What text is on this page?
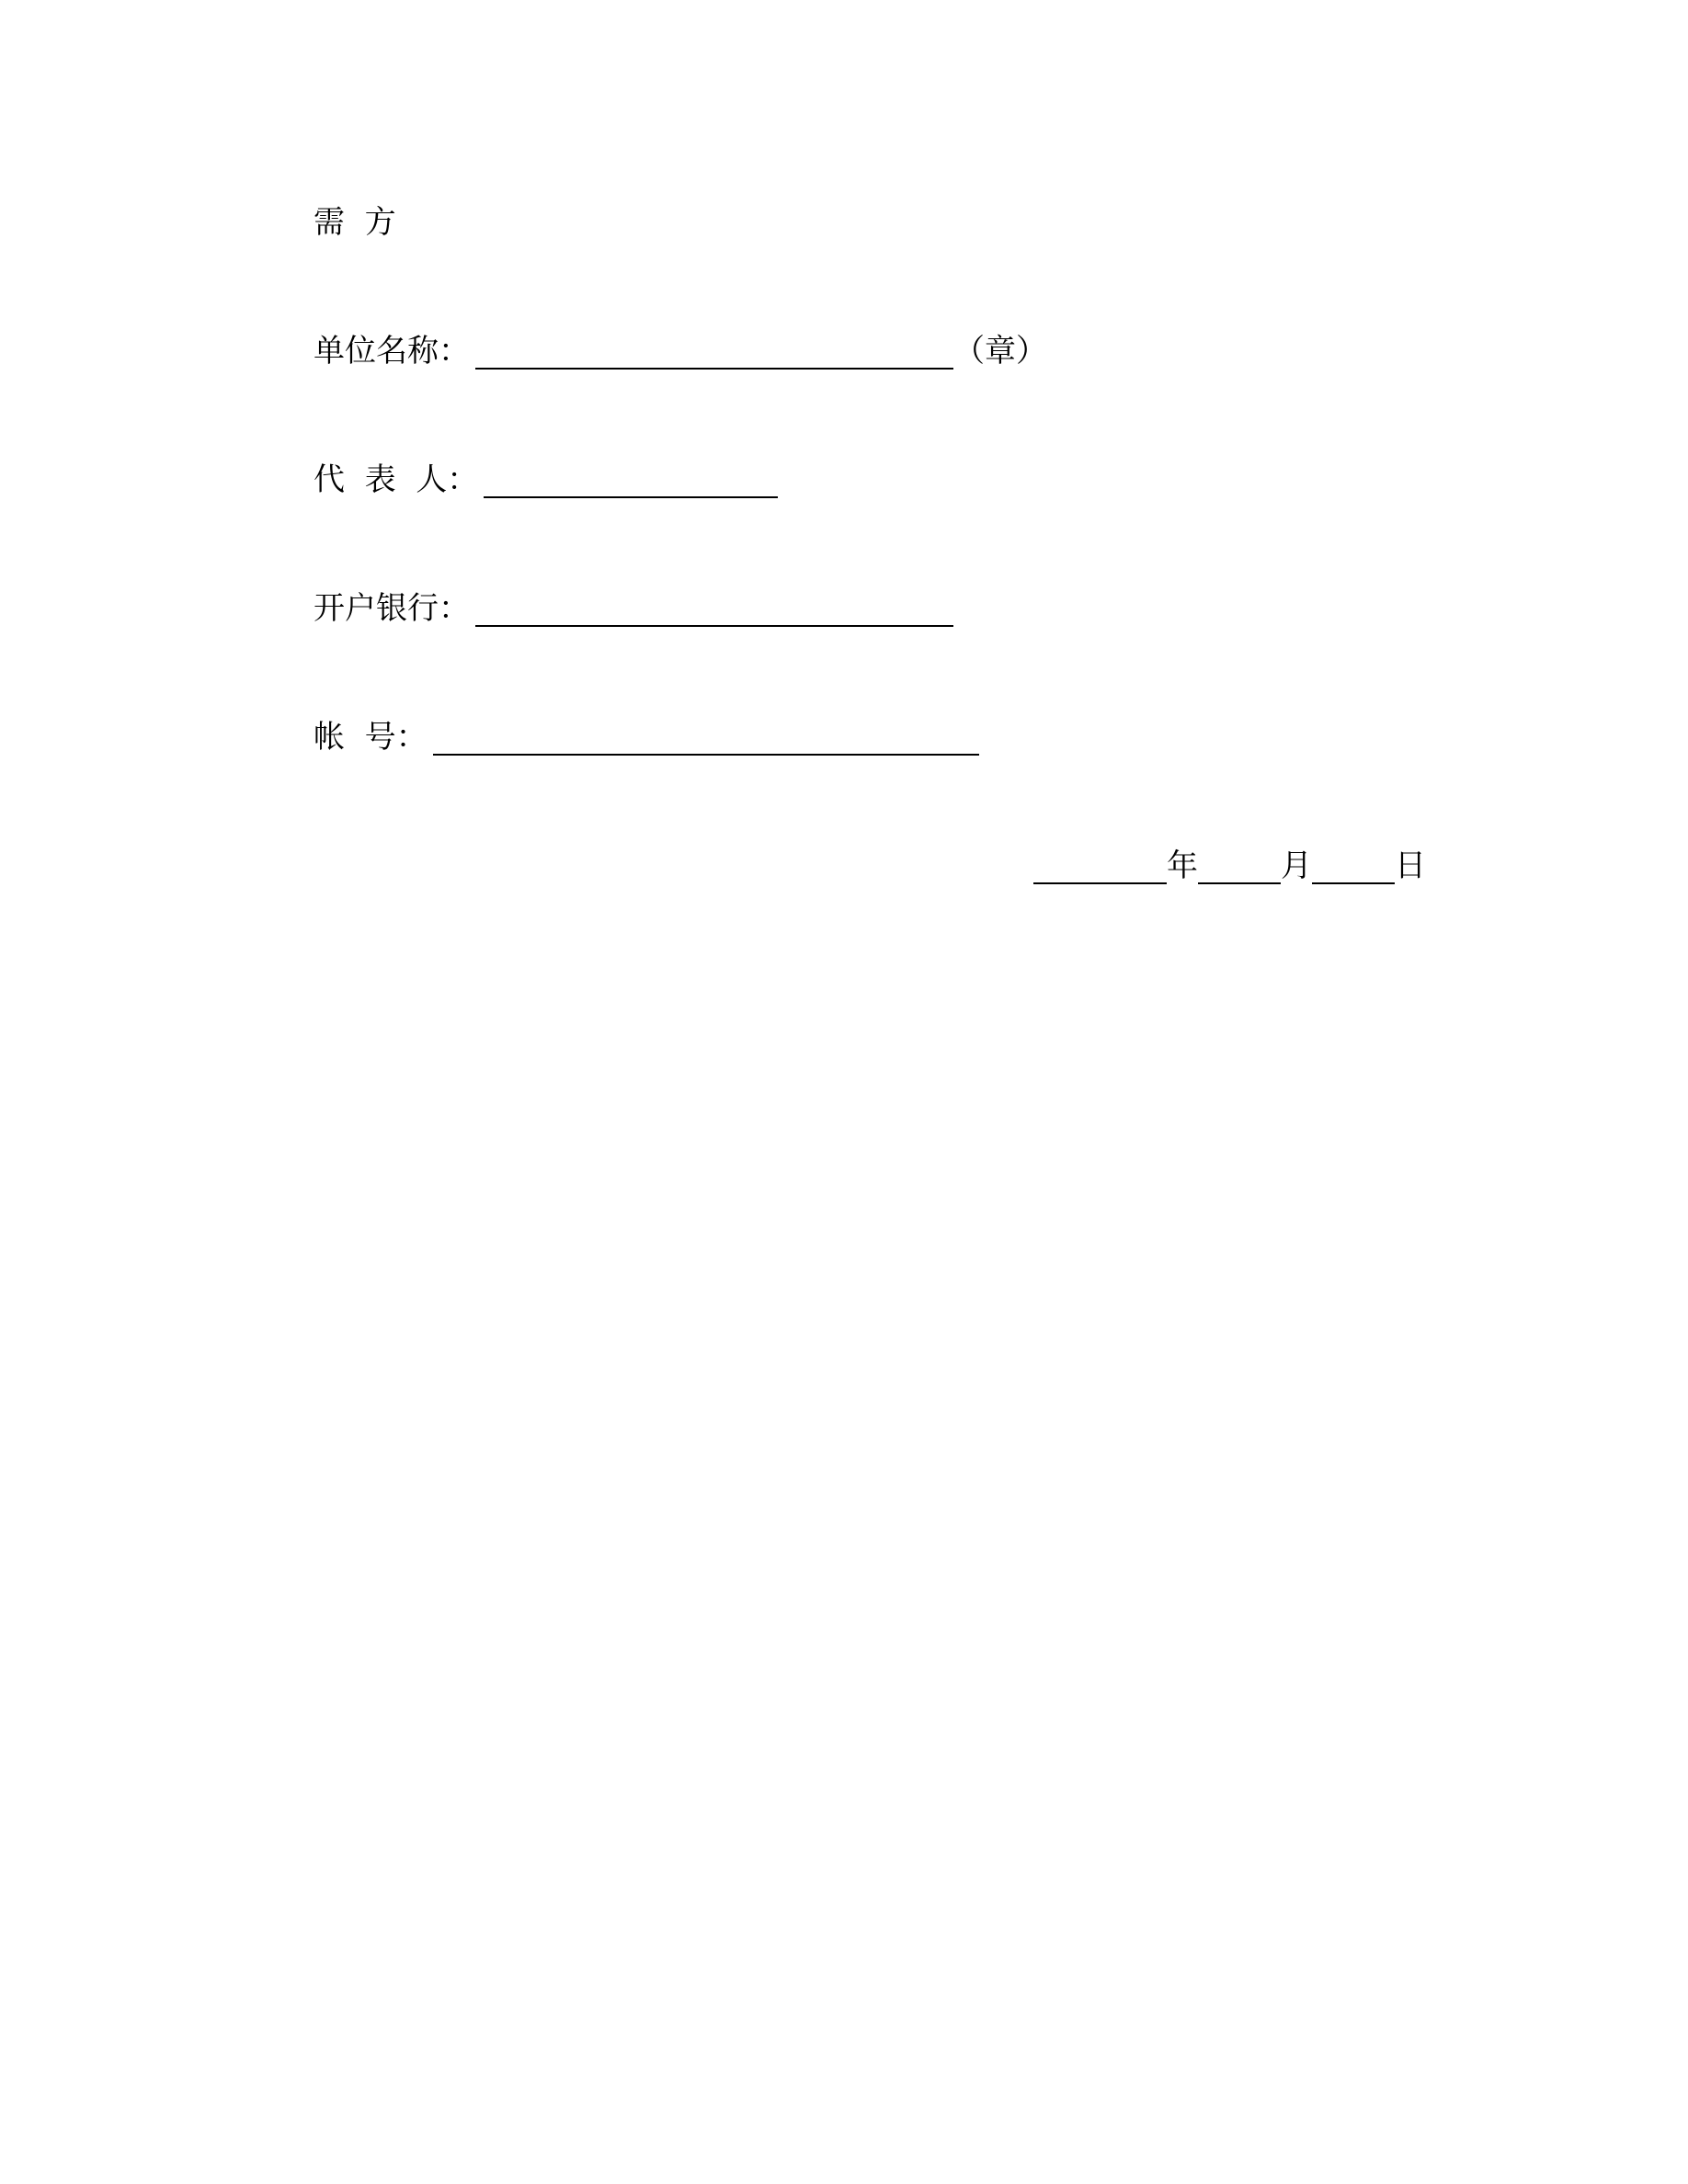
需  方
单位名称：	（章）
代  表  人：
开户银行：
帐  号：
年	月	日
